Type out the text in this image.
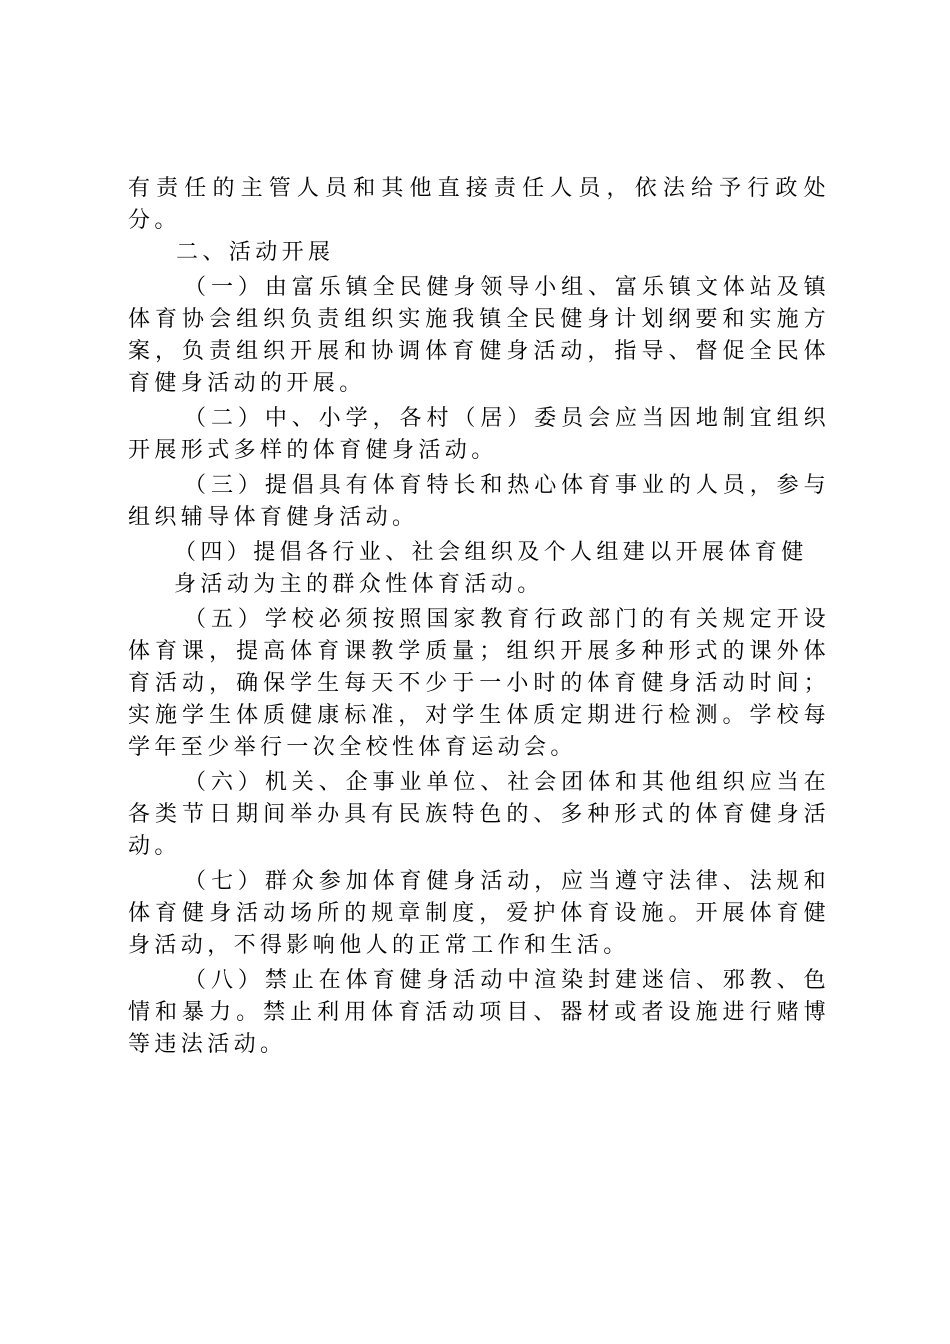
有责任的主管人员和其他直接责任人员，依法给予行政处分。

二、活动开展

（一）由富乐镇全民健身领导小组、富乐镇文体站及镇体育协会组织负责组织实施我镇全民健身计划纲要和实施方案，负责组织开展和协调体育健身活动，指导、督促全民体育健身活动的开展。

（二）中、小学，各村（居）委员会应当因地制宜组织开展形式多样的体育健身活动。

（三）提倡具有体育特长和热心体育事业的人员，参与组织辅导体育健身活动。

（四）提倡各行业、社会组织及个人组建以开展体育健

身活动为主的群众性体育活动。

（五）学校必须按照国家教育行政部门的有关规定开设体育课，提高体育课教学质量；组织开展多种形式的课外体育活动，确保学生每天不少于一小时的体育健身活动时间；实施学生体质健康标准，对学生体质定期进行检测。学校每学年至少举行一次全校性体育运动会。

（六）机关、企事业单位、社会团体和其他组织应当在各类节日期间举办具有民族特色的、多种形式的体育健身活动。

（七）群众参加体育健身活动，应当遵守法律、法规和体育健身活动场所的规章制度，爱护体育设施。开展体育健身活动，不得影响他人的正常工作和生活。

（八）禁止在体育健身活动中渲染封建迷信、邪教、色情和暴力。禁止利用体育活动项目、器材或者设施进行赌博等违法活动。
